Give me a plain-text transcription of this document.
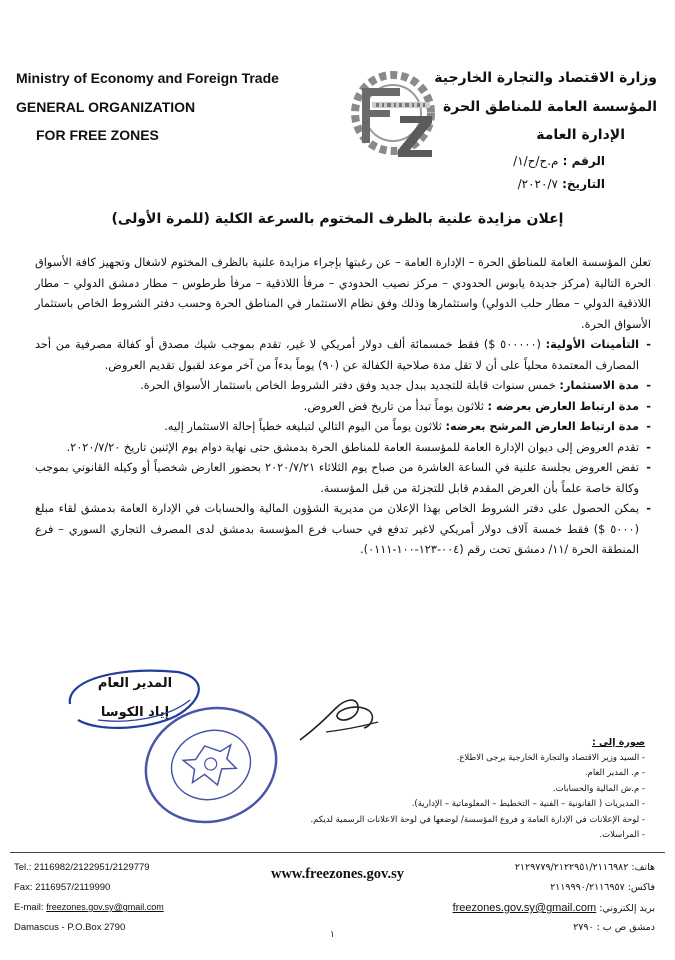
Ministry of Economy and Foreign Trade
GENERAL ORGANIZATION
FOR FREE ZONES
وزارة الاقتصاد والتجارة الخارجية
المؤسسة العامة للمناطق الحرة
الإدارة العامة
الرقم : م.ح/ح/١/
التاريخ: ٢٠٢٠/٧/
إعلان مزايدة علنية بالظرف المختوم بالسرعة الكلية (للمرة الأولى)

تعلن المؤسسة العامة للمناطق الحرة – الإدارة العامة – عن رغبتها بإجراء مزايدة علنية بالظرف المختوم لاشغال وتجهيز كافة الأسواق الحرة التالية (مركز جديدة يابوس الحدودي – مركز نصيب الحدودي – مرفأ اللاذقية – مرفأ طرطوس – مطار دمشق الدولي – مطار اللاذقية الدولي – مطار حلب الدولي) واستثمارها وذلك وفق نظام الاستثمار في المناطق الحرة وحسب دفتر الشروط الخاص باستثمار الأسواق الحرة.

- التأمينات الأولية: (٥٠٠٠٠٠ $) فقط خمسمائة ألف دولار أمريكي لا غير، تقدم بموجب شيك مصدق أو كفالة مصرفية من أحد المصارف المعتمدة محلياً على أن لا تقل مدة صلاحية الكفالة عن (٩٠) يوماً بدءاً من آخر موعد لقبول تقديم العروض.
- مدة الاستثمار: خمس سنوات قابلة للتجديد ببدل جديد وفق دفتر الشروط الخاص باستثمار الأسواق الحرة.
- مدة ارتباط العارض بعرضه : ثلاثون يوماً تبدأ من تاريخ فض العروض.
- مدة ارتباط العارض المرشح بعرضه: ثلاثون يوماً من اليوم التالي لتبليغه خطياً إحالة الاستثمار إليه.
- تقدم العروض إلى ديوان الإدارة العامة للمؤسسة العامة للمناطق الحرة بدمشق حتى نهاية دوام يوم الإثنين تاريخ ٢٠٢٠/٧/٢٠.
- تفض العروض بجلسة علنية في الساعة العاشرة من صباح يوم الثلاثاء ٢٠٢٠/٧/٢١ بحضور العارض شخصياً أو وكيله القانوني بموجب وكالة خاصة علماً بأن العرض المقدم قابل للتجزئة من قبل المؤسسة.
- يمكن الحصول على دفتر الشروط الخاص بهذا الإعلان من مديرية الشؤون المالية والحسابات في الإدارة العامة بدمشق لقاء مبلغ (٥٠٠٠ $) فقط خمسة آلاف دولار أمريكي لاغير تدفع في حساب فرع المؤسسة بدمشق لدى المصرف التجاري السوري – فرع المنطقة الحرة /١١/ دمشق تحت رقم (٠٠٤-١٢٣-١٠٠-٠١١١).
المدير العام
إياد الكوسا
صورة إلى :
- السيد وزير الاقتصاد والتجارة الخارجية يرجى الاطلاع.
- م. المدير العام.
- م.ش المالية والحسابات.
- المديريات ( القانونية – الفنية – التخطيط – المعلوماتية – الإدارية).
- لوحة الإعلانات في الإدارة العامة و فروع المؤسسة/ لوضعها في لوحة الاعلانات الرسمية لديكم.
- المراسلات.
Tel.: 2116982/2122951/2129779
Fax: 2116957/2119990
E-mail: freezones.gov.sy@gmail.com
Damascus - P.O.Box 2790
www.freezones.gov.sy
١
هاتف: ٢١٢٩٧٧٩/٢١٢٢٩٥١/٢١١٦٩٨٢
فاكس: ٢١١٩٩٩٠/٢١١٦٩٥٧
بريد إلكتروني: freezones.gov.sy@gmail.com
دمشق ص ب : ٢٧٩٠
